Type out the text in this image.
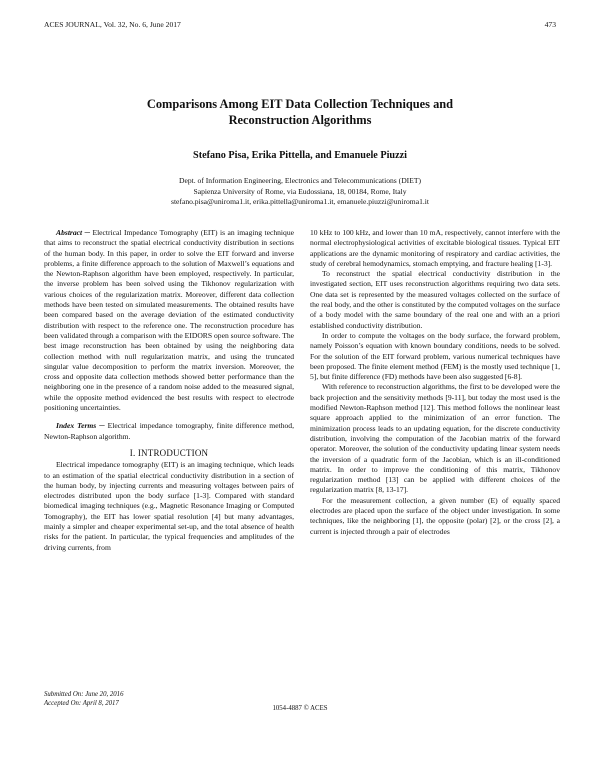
ACES JOURNAL, Vol. 32, No. 6, June 2017	473
Comparisons Among EIT Data Collection Techniques and
Reconstruction Algorithms
Stefano Pisa, Erika Pittella, and Emanuele Piuzzi
Dept. of Information Engineering, Electronics and Telecommunications (DIET)
Sapienza University of Rome, via Eudossiana, 18, 00184, Rome, Italy
stefano.pisa@uniroma1.it, erika.pittella@uniroma1.it, emanuele.piuzzi@uniroma1.it

Abstract ─ Electrical Impedance Tomography (EIT) is an imaging technique that aims to reconstruct the spatial electrical conductivity distribution in sections of the human body. In this paper, in order to solve the EIT forward and inverse problems, a finite difference approach to the solution of Maxwell’s equations and the Newton-Raphson algorithm have been employed, respectively. In particular, the inverse problem has been solved using the Tikhonov regularization with various choices of the regularization matrix. Moreover, different data collection methods have been tested on simulated measurements. The obtained results have been compared based on the average deviation of the estimated conductivity distribution with respect to the reference one. The reconstruction procedure has been validated through a comparison with the EIDORS open source software. The best image reconstruction has been obtained by using the neighboring data collection method with null regularization matrix, and using the truncated singular value decomposition to perform the matrix inversion. Moreover, the cross and opposite data collection methods showed better performance than the neighboring one in the presence of a random noise added to the measured signal, while the opposite method evidenced the best results with respect to electrode positioning uncertainties.

Index Terms ─ Electrical impedance tomography, finite difference method, Newton-Raphson algorithm.

I. INTRODUCTION

Electrical impedance tomography (EIT) is an imaging technique, which leads to an estimation of the spatial electrical conductivity distribution in a section of the human body, by injecting currents and measuring voltages between pairs of electrodes distributed upon the body surface [1-3]. Compared with standard biomedical imaging techniques (e.g., Magnetic Resonance Imaging or Computed Tomography), the EIT has lower spatial resolution [4] but many advantages, mainly a simpler and cheaper experimental set-up, and the total absence of health risks for the patient. In particular, the typical frequencies and amplitudes of the driving currents, from

10 kHz to 100 kHz, and lower than 10 mA, respectively, cannot interfere with the normal electrophysiological activities of excitable biological tissues. Typical EIT applications are the dynamic monitoring of respiratory and cardiac activities, the study of cerebral hemodynamics, stomach emptying, and fracture healing [1-3].

To reconstruct the spatial electrical conductivity distribution in the investigated section, EIT uses reconstruction algorithms requiring two data sets. One data set is represented by the measured voltages collected on the surface of the real body, and the other is constituted by the computed voltages on the surface of a body model with the same boundary of the real one and with an a priori established conductivity distribution.

In order to compute the voltages on the body surface, the forward problem, namely Poisson’s equation with known boundary conditions, needs to be solved. For the solution of the EIT forward problem, various numerical techniques have been proposed. The finite element method (FEM) is the mostly used technique [1, 5], but finite difference (FD) methods have been also suggested [6-8].

With reference to reconstruction algorithms, the first to be developed were the back projection and the sensitivity methods [9-11], but today the most used is the modified Newton-Raphson method [12]. This method follows the nonlinear least square approach applied to the minimization of an error function. The minimization process leads to an updating equation, for the discrete conductivity distribution, involving the computation of the Jacobian matrix of the forward operator. Moreover, the solution of the conductivity updating linear system needs the inversion of a quadratic form of the Jacobian, which is an ill-conditioned matrix. In order to improve the conditioning of this matrix, Tikhonov regularization method [13] can be applied with different choices of the regularization matrix [8, 13-17].

For the measurement collection, a given number (E) of equally spaced electrodes are placed upon the surface of the object under investigation. In some techniques, like the neighboring [1], the opposite (polar) [2], or the cross [2], a current is injected through a pair of electrodes

Submitted On: June 20, 2016
Accepted On: April 8, 2017
1054-4887 © ACES
